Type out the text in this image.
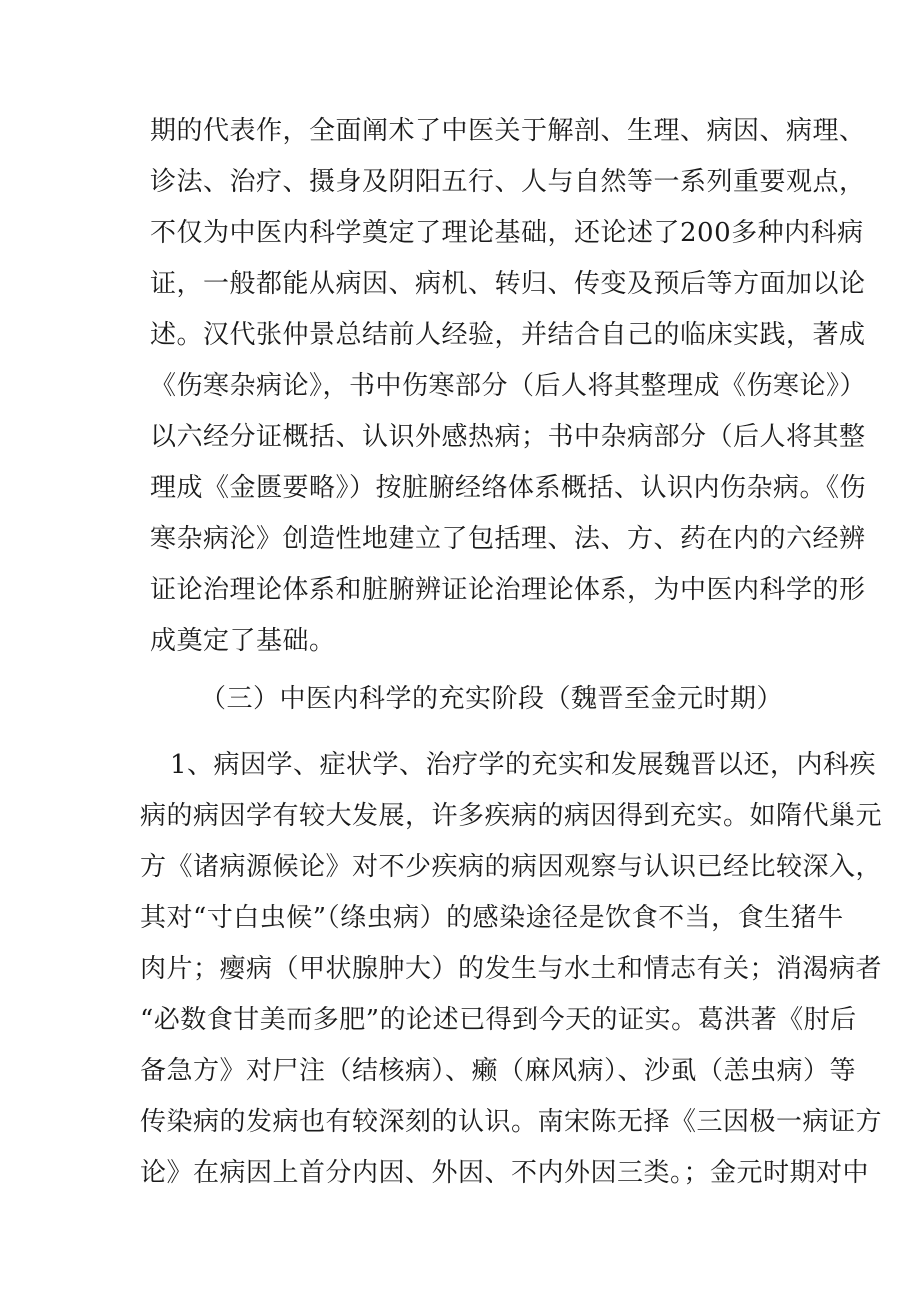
期的代表作，全面阐术了中医关于解剖、生理、病因、病理、
诊法、治疗、摄身及阴阳五行、人与自然等一系列重要观点，
不仅为中医内科学奠定了理论基础，还论述了200多种内科病
证，一般都能从病因、病机、转归、传变及预后等方面加以论
述。汉代张仲景总结前人经验，并结合自己的临床实践，著成
《伤寒杂病论》，书中伤寒部分（后人将其整理成《伤寒论》）
以六经分证概括、认识外感热病；书中杂病部分（后人将其整
理成《金匮要略》）按脏腑经络体系概括、认识内伤杂病。《伤
寒杂病沦》创造性地建立了包括理、法、方、药在内的六经辨
证论治理论体系和脏腑辨证论治理论体系，为中医内科学的形
成奠定了基础。
（三）中医内科学的充实阶段（魏晋至金元时期）
1、病因学、症状学、治疗学的充实和发展魏晋以还，内科疾
病的病因学有较大发展，许多疾病的病因得到充实。如隋代巢元
方《诸病源候论》对不少疾病的病因观察与认识已经比较深入，
其对“寸白虫候”（绦虫病）的感染途径是饮食不当，食生猪牛
肉片；瘿病（甲状腺肿大）的发生与水土和情志有关；消渴病者
“必数食甘美而多肥”的论述已得到今天的证实。葛洪著《肘后
备急方》对尸注（结核病）、癞（麻风病）、沙虱（恙虫病）等
传染病的发病也有较深刻的认识。南宋陈无择《三因极一病证方
论》在病因上首分内因、外因、不内外因三类。；金元时期对中
